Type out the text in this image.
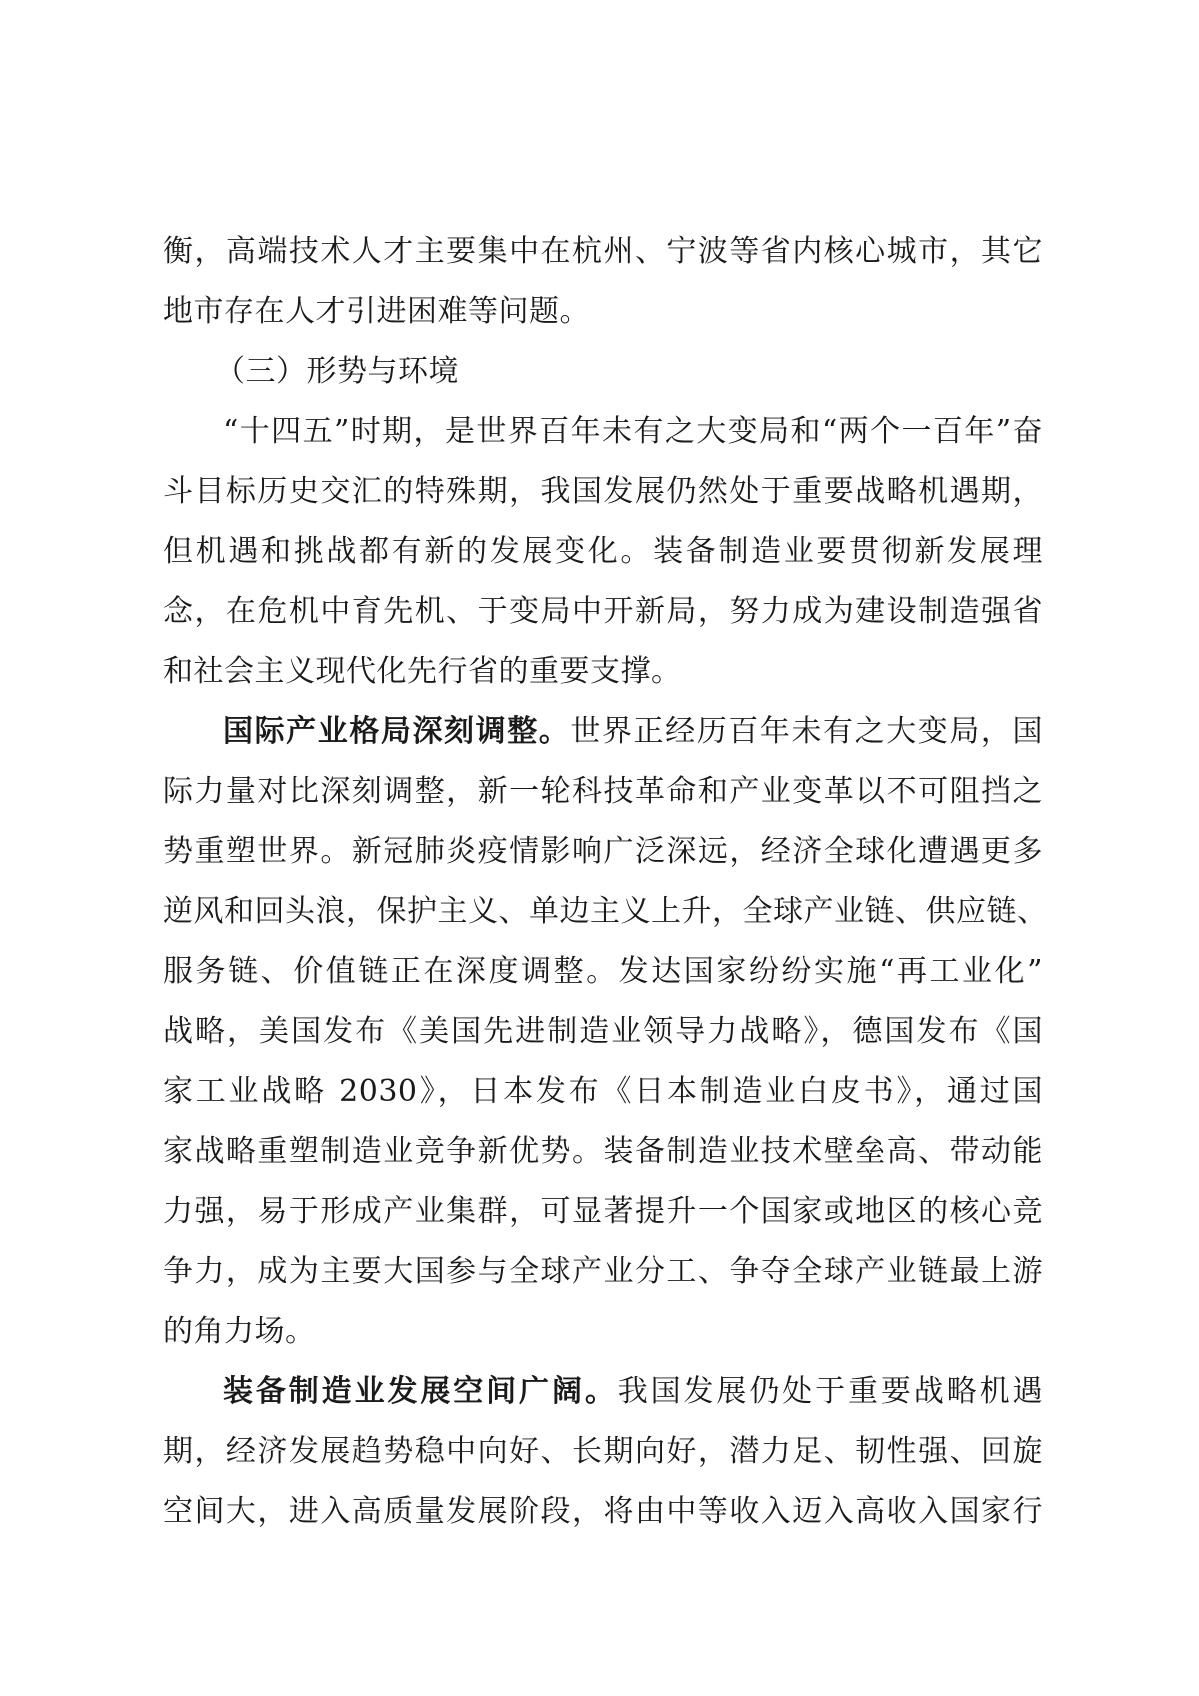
衡，高端技术人才主要集中在杭州、宁波等省内核心城市，其它
地市存在人才引进困难等问题。
（三）形势与环境
“十四五”时期，是世界百年未有之大变局和“两个一百年”奋
斗目标历史交汇的特殊期，我国发展仍然处于重要战略机遇期，
但机遇和挑战都有新的发展变化。装备制造业要贯彻新发展理
念，在危机中育先机、于变局中开新局，努力成为建设制造强省
和社会主义现代化先行省的重要支撑。
国际产业格局深刻调整。世界正经历百年未有之大变局，国
际力量对比深刻调整，新一轮科技革命和产业变革以不可阻挡之
势重塑世界。新冠肺炎疫情影响广泛深远，经济全球化遭遇更多
逆风和回头浪，保护主义、单边主义上升，全球产业链、供应链、
服务链、价值链正在深度调整。发达国家纷纷实施“再工业化”
战略，美国发布《美国先进制造业领导力战略》，德国发布《国
家工业战略 2030》，日本发布《日本制造业白皮书》，通过国
家战略重塑制造业竞争新优势。装备制造业技术壁垒高、带动能
力强，易于形成产业集群，可显著提升一个国家或地区的核心竞
争力，成为主要大国参与全球产业分工、争夺全球产业链最上游
的角力场。
装备制造业发展空间广阔。我国发展仍处于重要战略机遇
期，经济发展趋势稳中向好、长期向好，潜力足、韧性强、回旋
空间大，进入高质量发展阶段，将由中等收入迈入高收入国家行
